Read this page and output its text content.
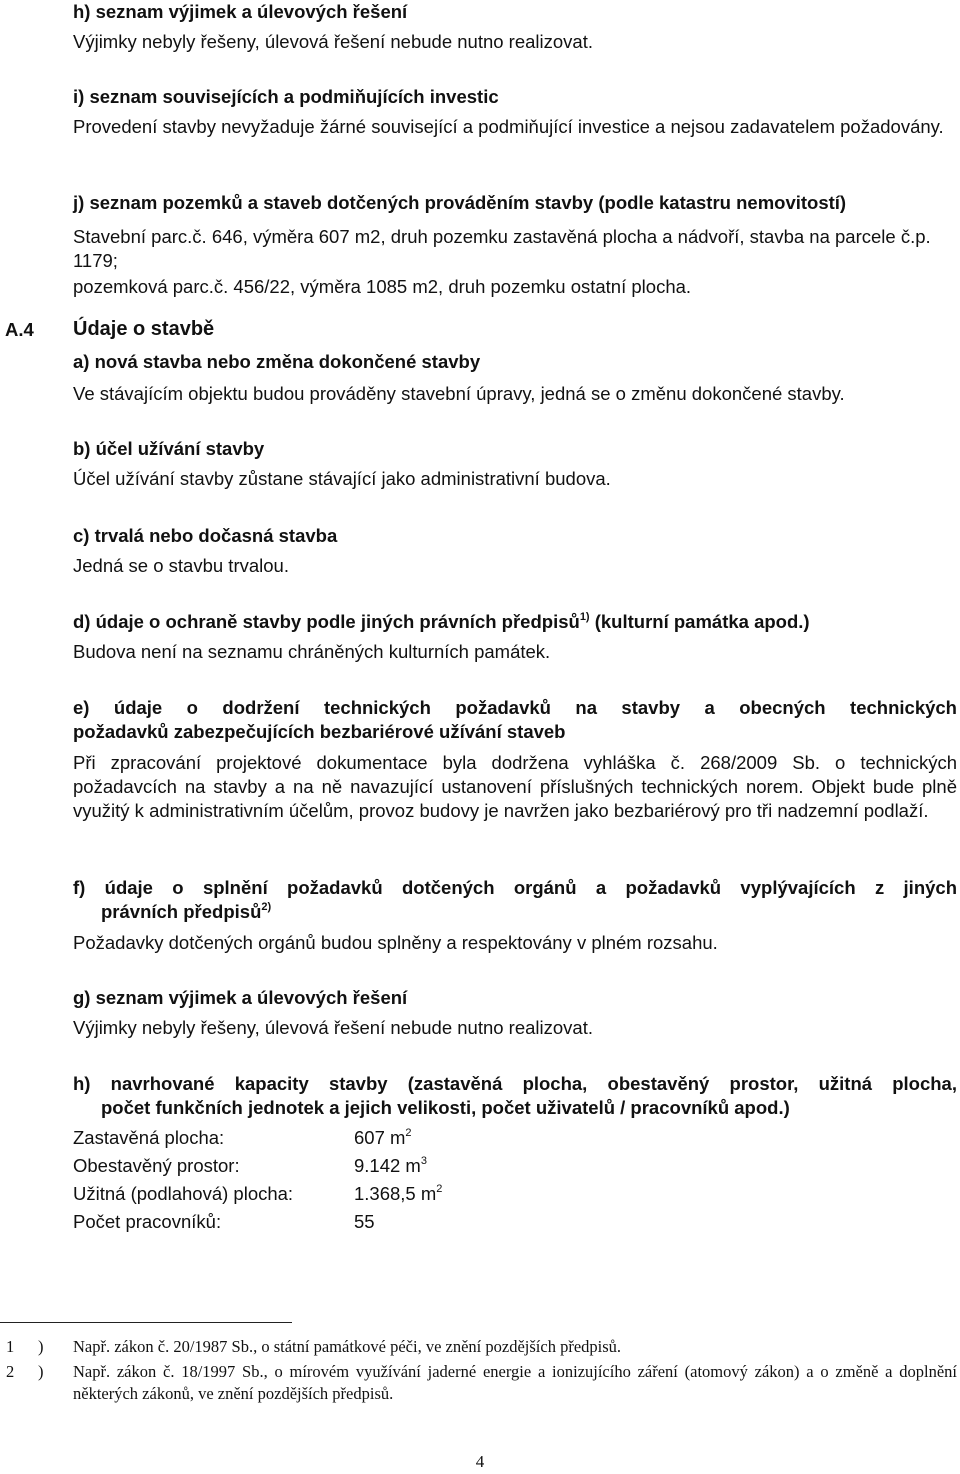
h) seznam výjimek a úlevových řešení

Výjimky nebyly řešeny, úlevová řešení nebude nutno realizovat.

i) seznam souvisejících a podmiňujících investic

Provedení stavby nevyžaduje žárné související a podmiňující investice a nejsou zadavatelem požadovány.

j) seznam pozemků a staveb dotčených prováděním stavby (podle katastru nemovitostí)

Stavební parc.č. 646, výměra 607 m2, druh pozemku zastavěná plocha a nádvoří, stavba na parcele č.p. 1179;

pozemková parc.č. 456/22, výměra 1085 m2, druh pozemku ostatní plocha.

A.4 Údaje o stavbě

a) nová stavba nebo změna dokončené stavby

Ve stávajícím objektu budou prováděny stavební úpravy, jedná se o změnu dokončené stavby.

b) účel užívání stavby

Účel užívání stavby zůstane stávající jako administrativní budova.

c) trvalá nebo dočasná stavba

Jedná se o stavbu trvalou.

d) údaje o ochraně stavby podle jiných právních předpisů$^{1)}$ (kulturní památka apod.)

Budova není na seznamu chráněných kulturních památek.

e) údaje o dodržení technických požadavků na stavby a obecných technických

požadavků zabezpečujících bezbariérové užívání staveb

Při zpracování projektové dokumentace byla dodržena vyhláška č. 268/2009 Sb. o technických požadavcích na stavby a na ně navazující ustanovení příslušných technických norem. Objekt bude plně využitý k administrativním účelům, provoz budovy je navržen jako bezbariérový pro tři nadzemní podlaží.

f) údaje o splnění požadavků dotčených orgánů a požadavků vyplývajících z jiných

právních předpisů$^{2)}$

Požadavky dotčených orgánů budou splněny a respektovány v plném rozsahu.

g) seznam výjimek a úlevových řešení

Výjimky nebyly řešeny, úlevová řešení nebude nutno realizovat.

h) navrhované kapacity stavby (zastavěná plocha, obestavěný prostor, užitná plocha,

počet funkčních jednotek a jejich velikosti, počet uživatelů / pracovníků apod.)

Zastavěná plocha:	607 $m^2$
Obestavěný prostor:	9.142 $m^3$
Užitná (podlahová) plocha:	1.368,5 $m^2$
Počet pracovníků:	55
1 ) Např. zákon č. 20/1987 Sb., o státní památkové péči, ve znění pozdějších předpisů.
2 ) Např. zákon č. 18/1997 Sb., o mírovém využívání jaderné energie a ionizujícího záření (atomový zákon) a o změně a doplnění některých zákonů, ve znění pozdějších předpisů.
4
